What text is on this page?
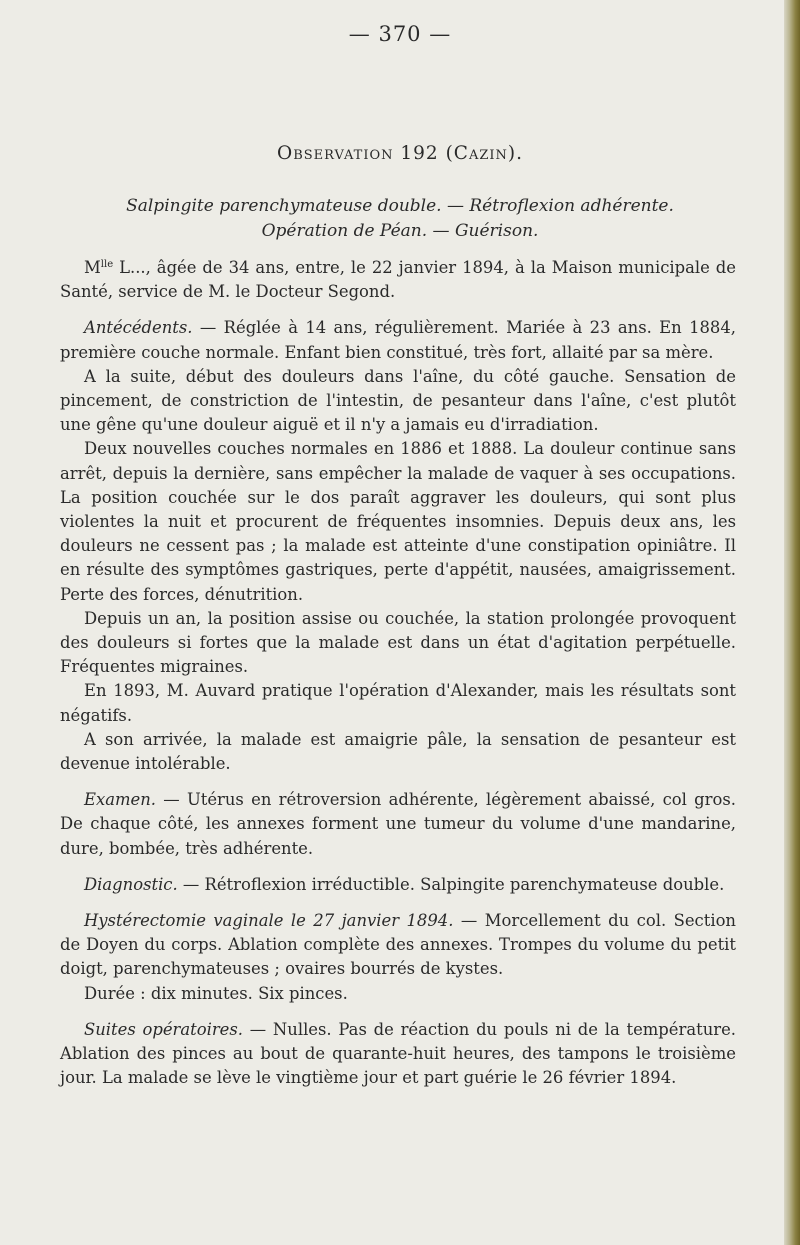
— 370 —
Observation 192 (Cazin).
Salpingite parenchymateuse double. — Rétroflexion adhérente.
Opération de Péan. — Guérison.

$M^{lle}$ L..., âgée de 34 ans, entre, le 22 janvier 1894, à la Maison municipale de Santé, service de M. le Docteur Segond.

Antécédents. — Réglée à 14 ans, régulièrement. Mariée à 23 ans. En 1884, première couche normale. Enfant bien constitué, très fort, allaité par sa mère.

A la suite, début des douleurs dans l'aîne, du côté gauche. Sensation de pincement, de constriction de l'intestin, de pesanteur dans l'aîne, c'est plutôt une gêne qu'une douleur aiguë et il n'y a jamais eu d'irradiation.

Deux nouvelles couches normales en 1886 et 1888. La douleur continue sans arrêt, depuis la dernière, sans empêcher la malade de vaquer à ses occupations. La position couchée sur le dos paraît aggraver les douleurs, qui sont plus violentes la nuit et procurent de fréquentes insomnies. Depuis deux ans, les douleurs ne cessent pas ; la malade est atteinte d'une constipation opiniâtre. Il en résulte des symptômes gastriques, perte d'appétit, nausées, amaigrissement. Perte des forces, dénutrition.

Depuis un an, la position assise ou couchée, la station prolongée provoquent des douleurs si fortes que la malade est dans un état d'agitation perpétuelle. Fréquentes migraines.

En 1893, M. Auvard pratique l'opération d'Alexander, mais les résultats sont négatifs.

A son arrivée, la malade est amaigrie pâle, la sensation de pesanteur est devenue intolérable.

Examen. — Utérus en rétroversion adhérente, légèrement abaissé, col gros. De chaque côté, les annexes forment une tumeur du volume d'une mandarine, dure, bombée, très adhérente.

Diagnostic. — Rétroflexion irréductible. Salpingite parenchymateuse double.

Hystérectomie vaginale le 27 janvier 1894. — Morcellement du col. Section de Doyen du corps. Ablation complète des annexes. Trompes du volume du petit doigt, parenchymateuses ; ovaires bourrés de kystes.

Durée : dix minutes. Six pinces.

Suites opératoires. — Nulles. Pas de réaction du pouls ni de la température. Ablation des pinces au bout de quarante-huit heures, des tampons le troisième jour. La malade se lève le vingtième jour et part guérie le 26 février 1894.
